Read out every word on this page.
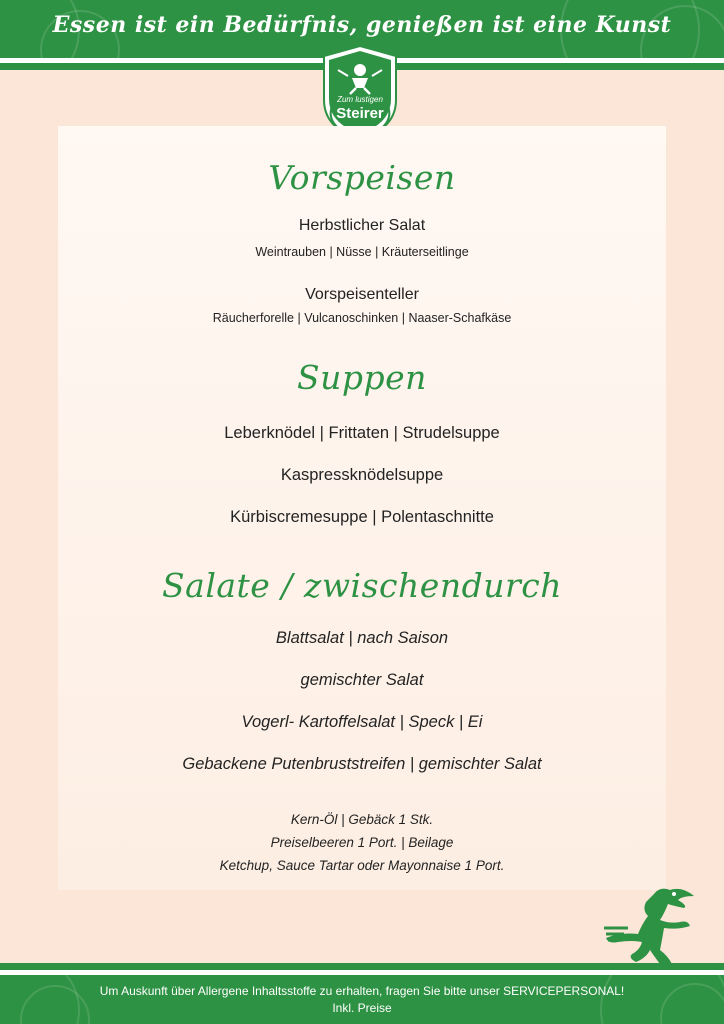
Essen ist ein Bedürfnis, genießen ist eine Kunst
Zum lustigen
Steirer
Vorspeisen
Herbstlicher Salat
Weintrauben | Nüsse | Kräuterseitlinge
Vorspeisenteller
Räucherforelle | Vulcanoschinken | Naaser-Schafkäse
Suppen
Leberknödel | Frittaten | Strudelsuppe
Kaspressknödelsuppe
Kürbiscremesuppe | Polentaschnitte
Salate / zwischendurch
Blattsalat | nach Saison
gemischter Salat
Vogerl- Kartoffelsalat | Speck | Ei
Gebackene Putenbruststreifen | gemischter Salat
Kern-Öl | Gebäck 1 Stk.
Preiselbeeren 1 Port. | Beilage
Ketchup, Sauce Tartar oder Mayonnaise 1 Port.
Um Auskunft über Allergene Inhaltsstoffe zu erhalten, fragen Sie bitte unser SERVICEPERSONAL!
Inkl. Preise
